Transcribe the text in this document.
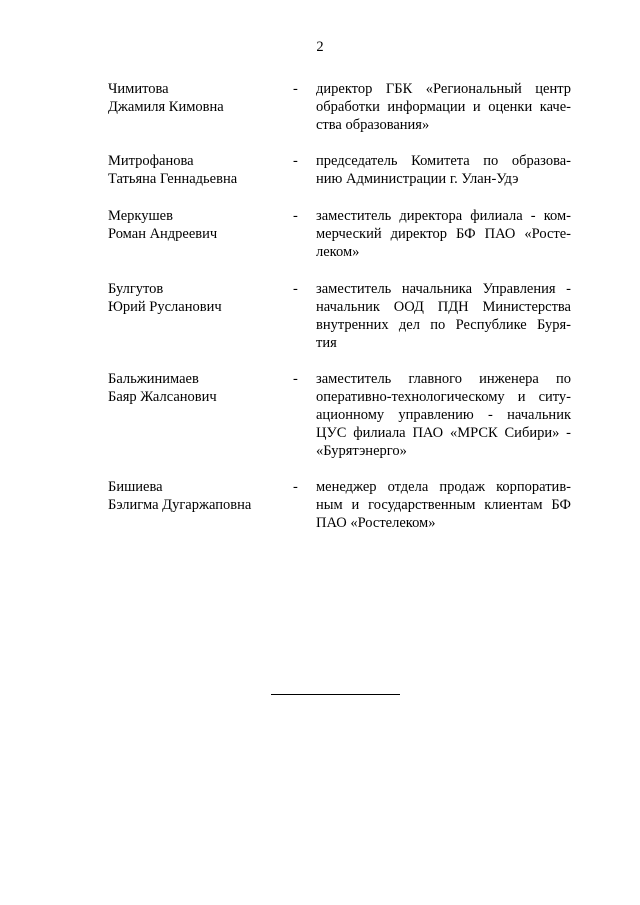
2
Чимитова
Джамиля Кимовна
- директор ГБК «Региональный центр
обработки информации и оценки каче-
ства образования»
Митрофанова
Татьяна Геннадьевна
- председатель Комитета по образова-
нию Администрации г. Улан-Удэ
Меркушев
Роман Андреевич
- заместитель директора филиала - ком-
мерческий директор БФ ПАО «Ростe-
леком»
Булгутов
Юрий Русланович
- заместитель начальника Управления -
начальник ООД ПДН Министерства
внутренних дел по Республике Буря-
тия
Бальжинимаев
Баяр Жалсанович
- заместитель главного инженера по
оперативно-технологическому и ситу-
ационному управлению - начальник
ЦУС филиала ПАО «МРСК Сибири» -
«Бурятэнерго»
Бишиева
Бэлигма Дугаржаповна
- менеджер отдела продаж корпоратив-
ным и государственным клиентам БФ
ПАО «Ростелеком»
